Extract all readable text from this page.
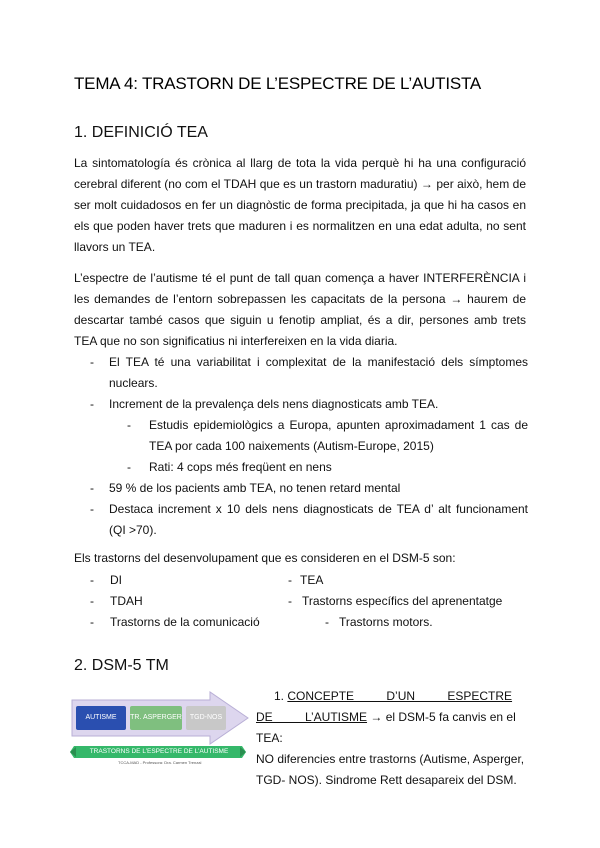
TEMA 4: TRASTORN DE L’ESPECTRE DE L’AUTISTA
1. DEFINICIÓ TEA

La sintomatología és crònica al llarg de tota la vida perquè hi ha una configuració cerebral diferent (no com el TDAH que es un trastorn maduratiu) → per això, hem de ser molt cuidadosos en fer un diagnòstic de forma precipitada, ja que hi ha casos en els que poden haver trets que maduren i es normalitzen en una edat adulta, no sent llavors un TEA.

L’espectre de l’autisme té el punt de tall quan comença a haver INTERFERÈNCIA i les demandes de l’entorn sobrepassen les capacitats de la persona → haurem de descartar també casos que siguin u fenotip ampliat, és a dir, persones amb trets TEA que no son significatius ni interfereixen en la vida diaria.

- El TEA té una variabilitat i complexitat de la manifestació dels símptomes nuclears.
- Increment de la prevalença dels nens diagnosticats amb TEA.
- Estudis epidemiològics a Europa, apunten aproximadament 1 cas de TEA por cada 100 naixements (Autism-Europe, 2015)
- Rati: 4 cops més freqüent en nens
- 59 % de los pacients amb TEA, no tenen retard mental
- Destaca increment x 10 dels nens diagnosticats de TEA d’ alt funcionament (QI >70).

Els trastorns del desenvolupament que es consideren en el DSM-5 son:

- DI	- TEA
- TDAH	- Trastorns específics del aprenentatge
- Trastorns de la comunicació	- Trastorns motors.
2. DSM-5 TM
AUTISME	TR. ASPERGER	TGD-NOS
TRASTORNS DE L’ESPECTRE DE L’AUTISME
TCCA-MAD - Professora: Dra. Carmen Trenzal
1. CONCEPTE D’UN ESPECTRE DE L’AUTISME → el DSM-5 fa canvis en el TEA:
NO diferencies entre trastorns (Autisme, Asperger,
TGD- NOS). Sindrome Rett desapareix del DSM.
